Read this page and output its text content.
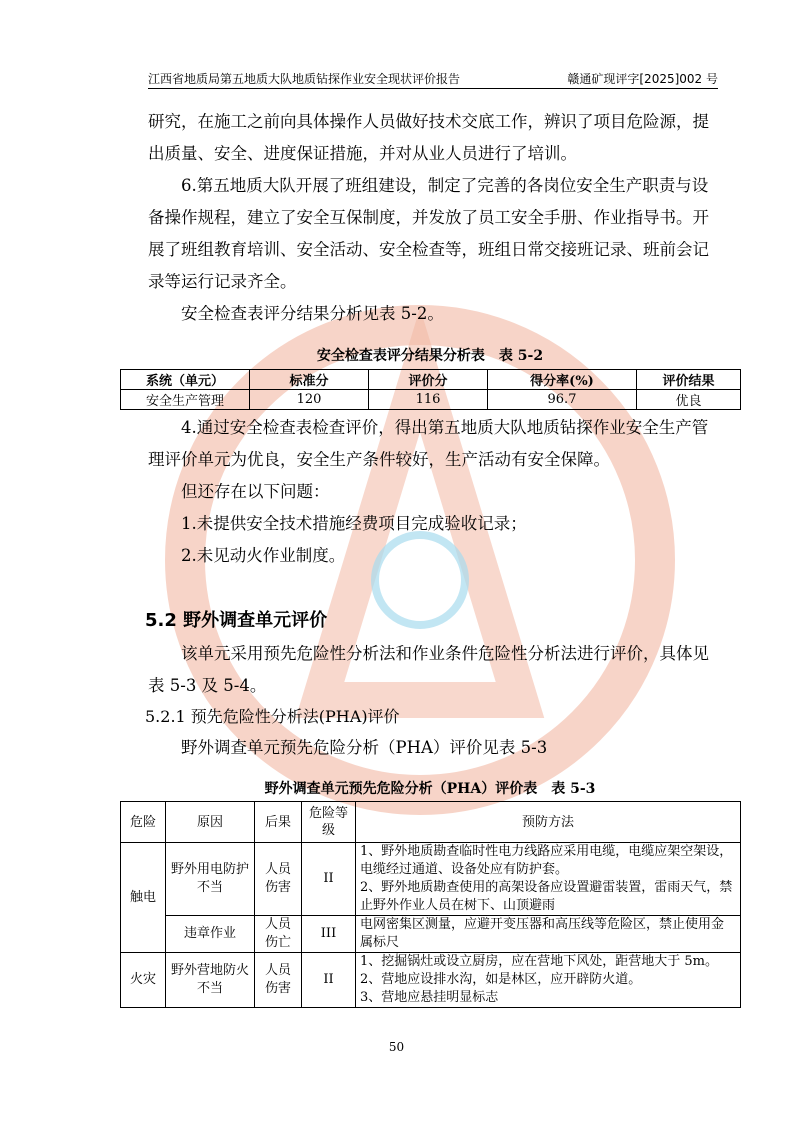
江西省地质局第五地质大队地质钻探作业安全现状评价报告	赣通矿现评字[2025]002 号

研究，在施工之前向具体操作人员做好技术交底工作，辨识了项目危险源，提出质量、安全、进度保证措施，并对从业人员进行了培训。

6.第五地质大队开展了班组建设，制定了完善的各岗位安全生产职责与设备操作规程，建立了安全互保制度，并发放了员工安全手册、作业指导书。开展了班组教育培训、安全活动、安全检查等，班组日常交接班记录、班前会记录等运行记录齐全。

安全检查表评分结果分析见表 5-2。

安全检查表评分结果分析表　表 5-2
系统（单元）	标准分	评价分	得分率(%)	评价结果
安全生产管理	120	116	96.7	优良

4.通过安全检查表检查评价，得出第五地质大队地质钻探作业安全生产管理评价单元为优良，安全生产条件较好，生产活动有安全保障。

但还存在以下问题：

1.未提供安全技术措施经费项目完成验收记录；

2.未见动火作业制度。

5.2 野外调查单元评价

该单元采用预先危险性分析法和作业条件危险性分析法进行评价，具体见表 5-3 及 5-4。

5.2.1 预先危险性分析法(PHA)评价

野外调查单元预先危险分析（PHA）评价见表 5-3

野外调查单元预先危险分析（PHA）评价表　表 5-3
危险	原因	后果	危险等级	预防方法
触电	野外用电防护不当	人员伤害	II	1、野外地质勘查临时性电力线路应采用电缆，电缆应架空架设，电缆经过通道、设备处应有防护套。
2、野外地质勘查使用的高架设备应设置避雷装置，雷雨天气，禁止野外作业人员在树下、山顶避雨
	违章作业	人员伤亡	III	电网密集区测量，应避开变压器和高压线等危险区，禁止使用金属标尺
火灾	野外营地防火不当	人员伤害	II	1、挖掘锅灶或设立厨房，应在营地下风处，距营地大于 5m。
2、营地应设排水沟，如是林区，应开辟防火道。
3、营地应悬挂明显标志
50
